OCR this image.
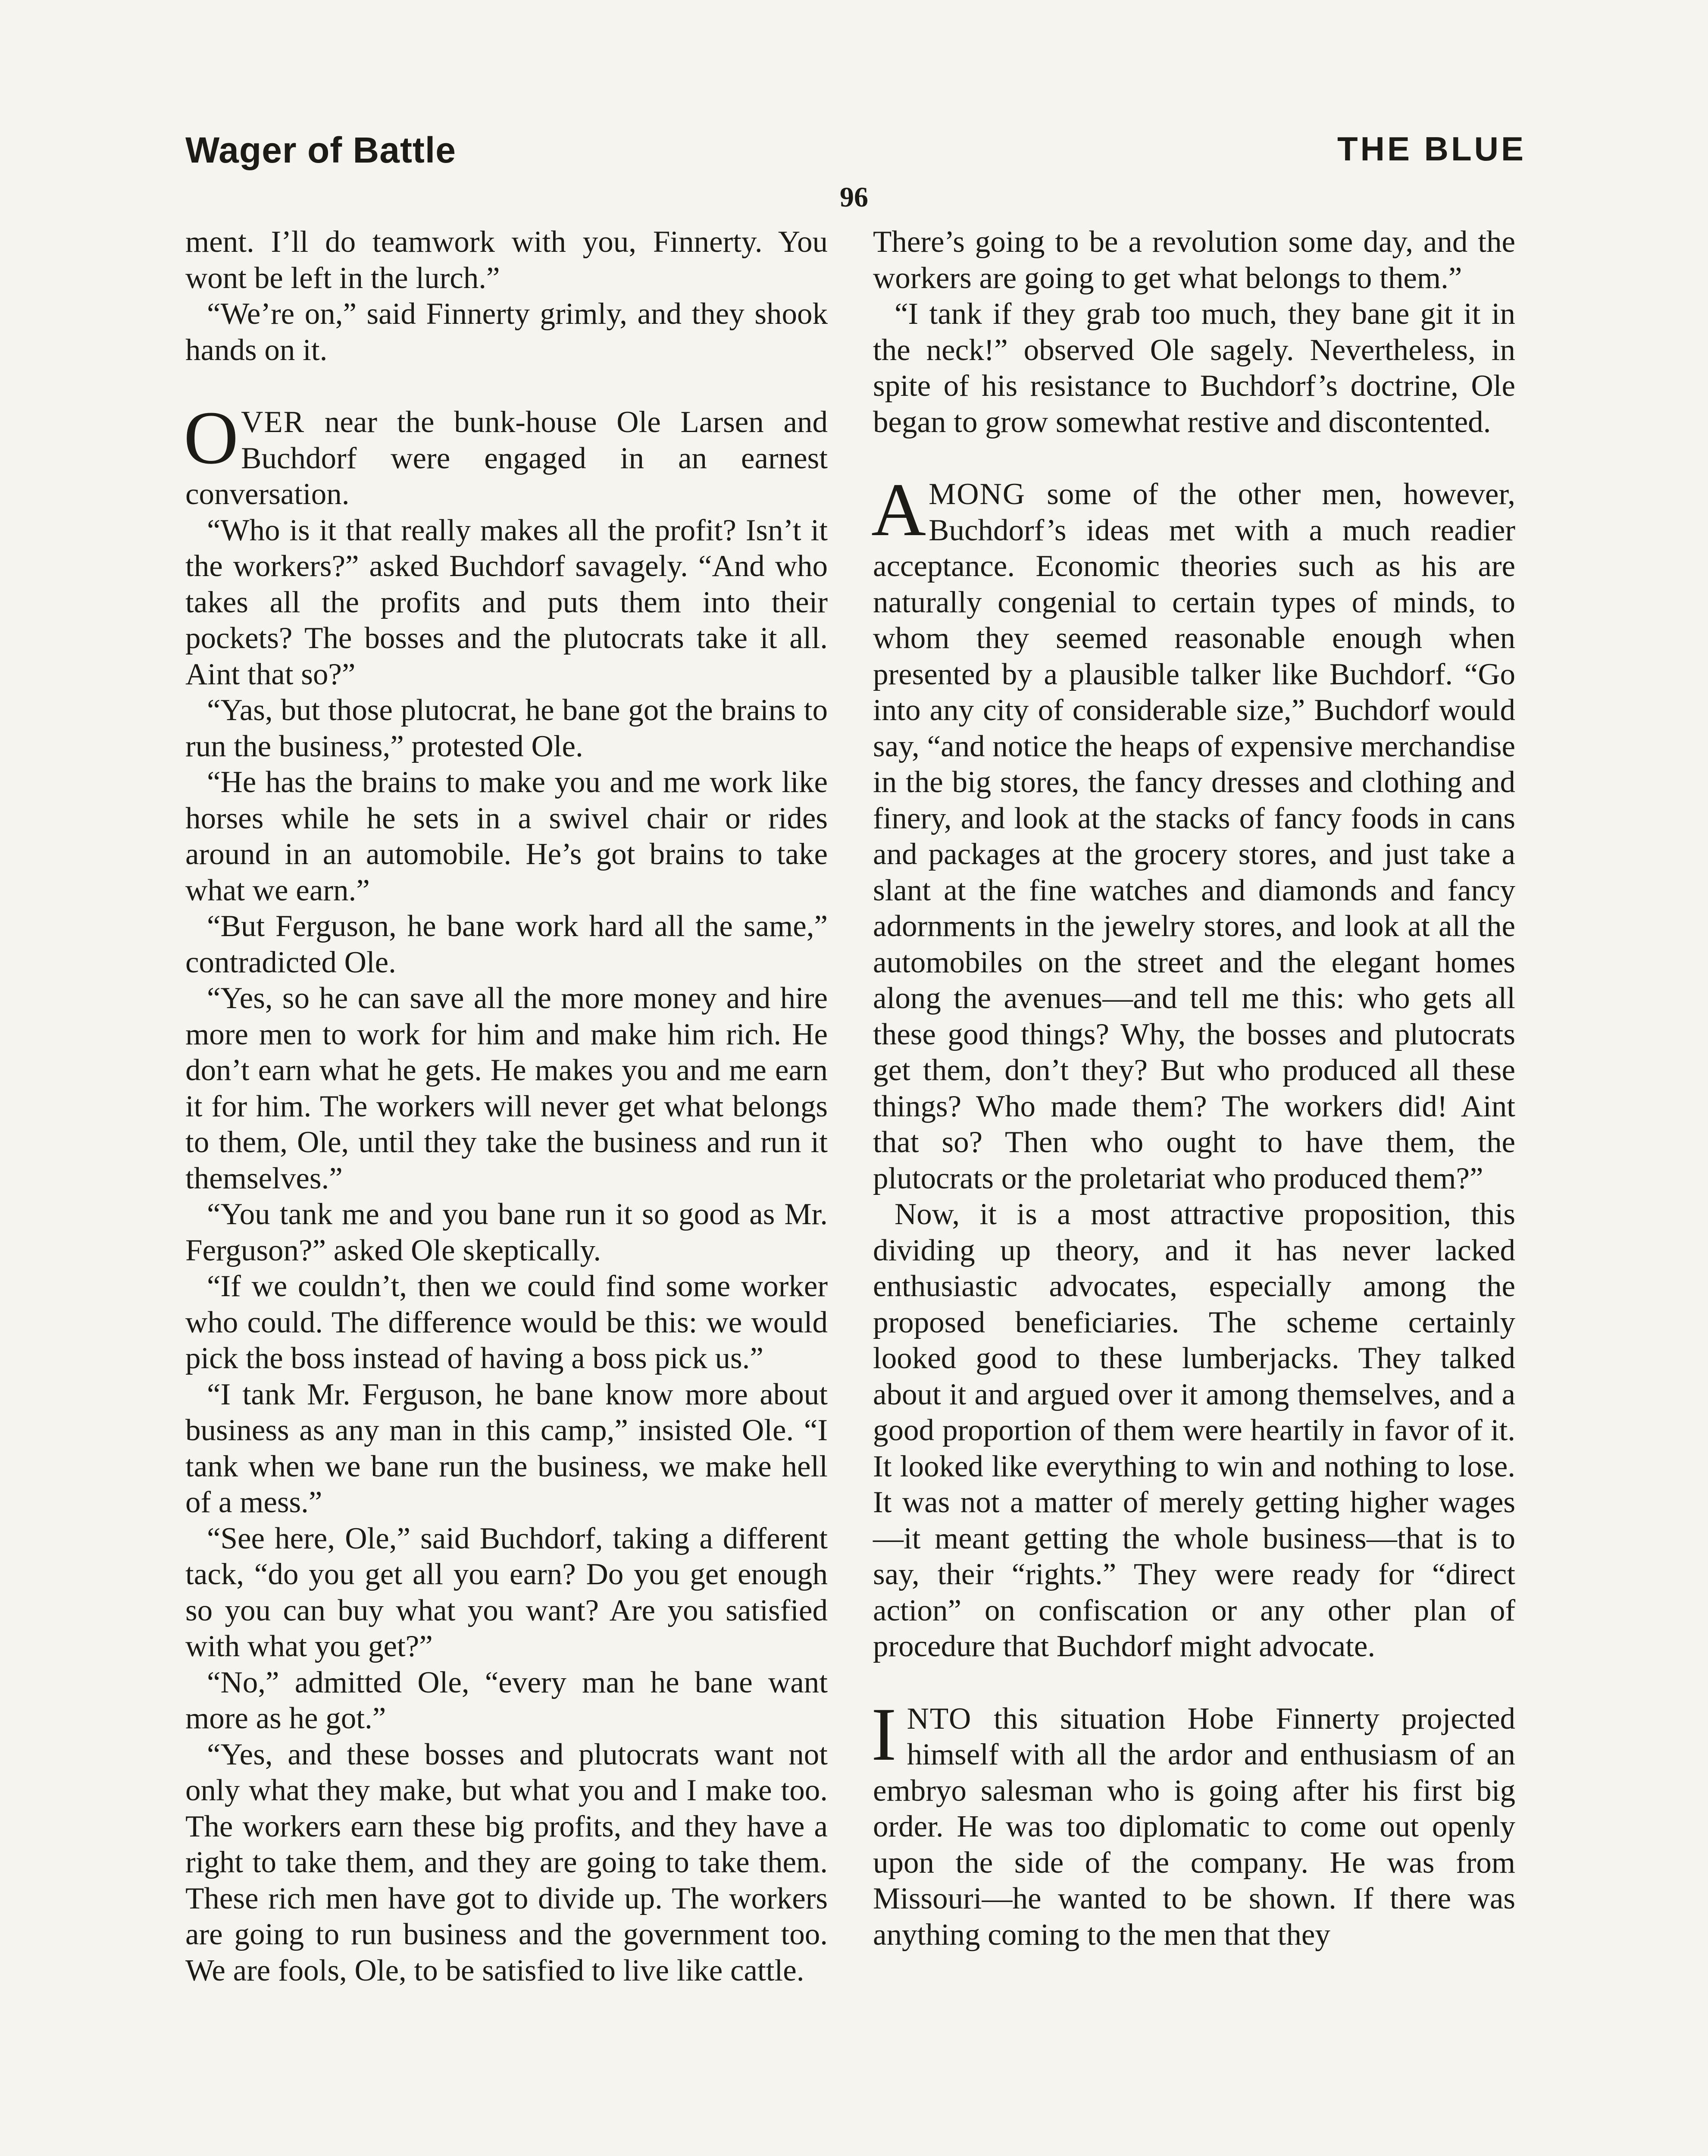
Wager of Battle	THE BLUE
96

ment. I’ll do teamwork with you, Finnerty. You wont be left in the lurch.”

“We’re on,” said Finnerty grimly, and they shook hands on it.

OVER near the bunk-house Ole Larsen and Buchdorf were engaged in an earnest conversation.

“Who is it that really makes all the profit? Isn’t it the workers?” asked Buchdorf savagely. “And who takes all the profits and puts them into their pockets? The bosses and the plutocrats take it all. Aint that so?”

“Yas, but those plutocrat, he bane got the brains to run the business,” protested Ole.

“He has the brains to make you and me work like horses while he sets in a swivel chair or rides around in an automobile. He’s got brains to take what we earn.”

“But Ferguson, he bane work hard all the same,” contradicted Ole.

“Yes, so he can save all the more money and hire more men to work for him and make him rich. He don’t earn what he gets. He makes you and me earn it for him. The workers will never get what belongs to them, Ole, until they take the business and run it themselves.”

“You tank me and you bane run it so good as Mr. Ferguson?” asked Ole skeptically.

“If we couldn’t, then we could find some worker who could. The difference would be this: we would pick the boss instead of having a boss pick us.”

“I tank Mr. Ferguson, he bane know more about business as any man in this camp,” insisted Ole. “I tank when we bane run the business, we make hell of a mess.”

“See here, Ole,” said Buchdorf, taking a different tack, “do you get all you earn? Do you get enough so you can buy what you want? Are you satisfied with what you get?”

“No,” admitted Ole, “every man he bane want more as he got.”

“Yes, and these bosses and plutocrats want not only what they make, but what you and I make too. The workers earn these big profits, and they have a right to take them, and they are going to take them. These rich men have got to divide up. The workers are going to run business and the government too. We are fools, Ole, to be satisfied to live like cattle.

There’s going to be a revolution some day, and the workers are going to get what belongs to them.”

“I tank if they grab too much, they bane git it in the neck!” observed Ole sagely. Nevertheless, in spite of his resistance to Buchdorf’s doctrine, Ole began to grow somewhat restive and discontented.

AMONG some of the other men, however, Buchdorf’s ideas met with a much readier acceptance. Economic theories such as his are naturally congenial to certain types of minds, to whom they seemed reasonable enough when presented by a plausible talker like Buchdorf. “Go into any city of considerable size,” Buchdorf would say, “and notice the heaps of expensive merchandise in the big stores, the fancy dresses and clothing and finery, and look at the stacks of fancy foods in cans and packages at the grocery stores, and just take a slant at the fine watches and diamonds and fancy adornments in the jewelry stores, and look at all the automobiles on the street and the elegant homes along the avenues—and tell me this: who gets all these good things? Why, the bosses and plutocrats get them, don’t they? But who produced all these things? Who made them? The workers did! Aint that so? Then who ought to have them, the plutocrats or the proletariat who produced them?”

Now, it is a most attractive proposition, this dividing up theory, and it has never lacked enthusiastic advocates, especially among the proposed beneficiaries. The scheme certainly looked good to these lumberjacks. They talked about it and argued over it among themselves, and a good proportion of them were heartily in favor of it. It looked like everything to win and nothing to lose. It was not a matter of merely getting higher wages—it meant getting the whole business—that is to say, their “rights.” They were ready for “direct action” on confiscation or any other plan of procedure that Buchdorf might advocate.

INTO this situation Hobe Finnerty projected himself with all the ardor and enthusiasm of an embryo salesman who is going after his first big order. He was too diplomatic to come out openly upon the side of the company. He was from Missouri—he wanted to be shown. If there was anything coming to the men that they
